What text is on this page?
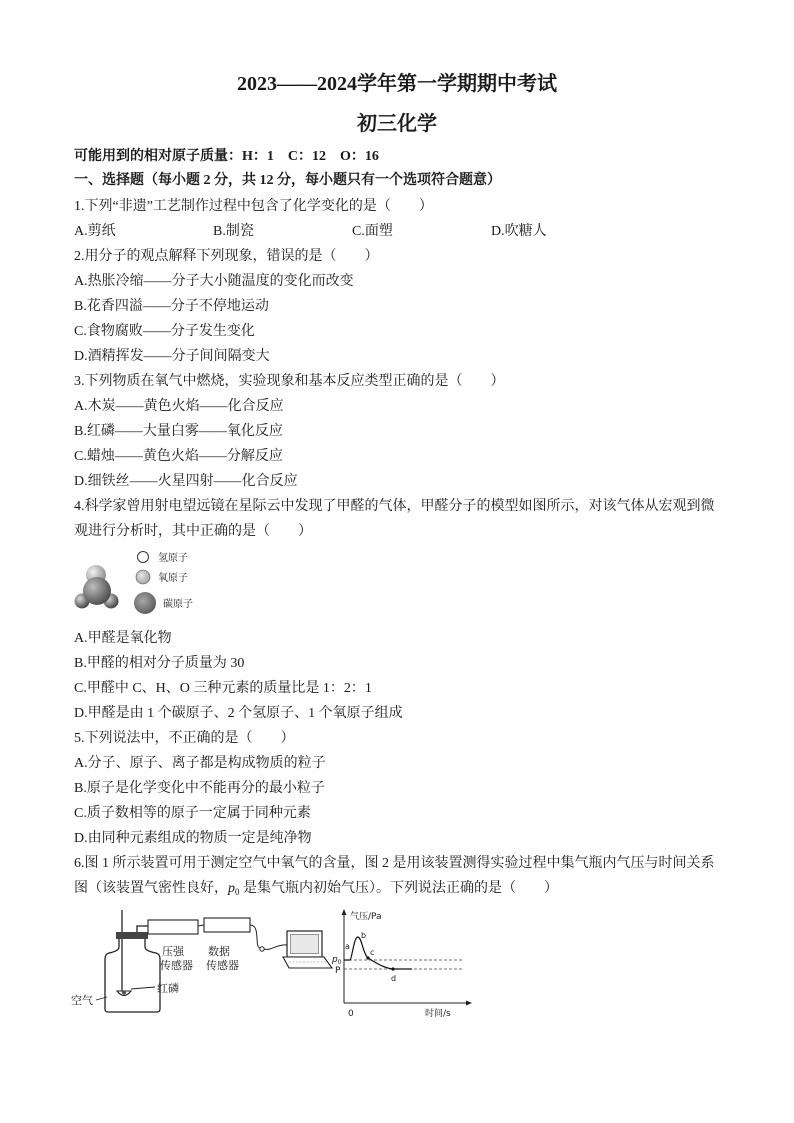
2023——2024学年第一学期期中考试
初三化学
可能用到的相对原子质量：H：1　C：12　O：16
一、选择题（每小题 2 分，共 12 分，每小题只有一个选项符合题意）
1.下列“非遗”工艺制作过程中包含了化学变化的是（　　）
A.剪纸	B.制瓷	C.面塑	D.吹糖人
2.用分子的观点解释下列现象，错误的是（　　）
A.热胀冷缩——分子大小随温度的变化而改变
B.花香四溢——分子不停地运动
C.食物腐败——分子发生变化
D.酒精挥发——分子间间隔变大
3.下列物质在氧气中燃烧，实验现象和基本反应类型正确的是（　　）
A.木炭——黄色火焰——化合反应
B.红磷——大量白雾——氧化反应
C.蜡烛——黄色火焰——分解反应
D.细铁丝——火星四射——化合反应
4.科学家曾用射电望远镜在星际云中发现了甲醛的气体，甲醛分子的模型如图所示，对该气体从宏观到微
观进行分析时，其中正确的是（　　）
氢原子
氧原子
碳原子
A.甲醛是氧化物
B.甲醛的相对分子质量为 30
C.甲醛中 C、H、O 三种元素的质量比是 1：2：1
D.甲醛是由 1 个碳原子、2 个氢原子、1 个氧原子组成
5.下列说法中，不正确的是（　　）
A.分子、原子、离子都是构成物质的粒子
B.原子是化学变化中不能再分的最小粒子
C.质子数相等的原子一定属于同种元素
D.由同种元素组成的物质一定是纯净物
6.图 1 所示装置可用于测定空气中氧气的含量，图 2 是用该装置测得实验过程中集气瓶内气压与时间关系
图（该装置气密性良好，$p_0$ 是集气瓶内初始气压）。下列说法正确的是（　　）
压强
传感器
数据
传感器
红磷
空气
气压/Pa
时间/s
0
$p_0$
P
a
b
c
d
